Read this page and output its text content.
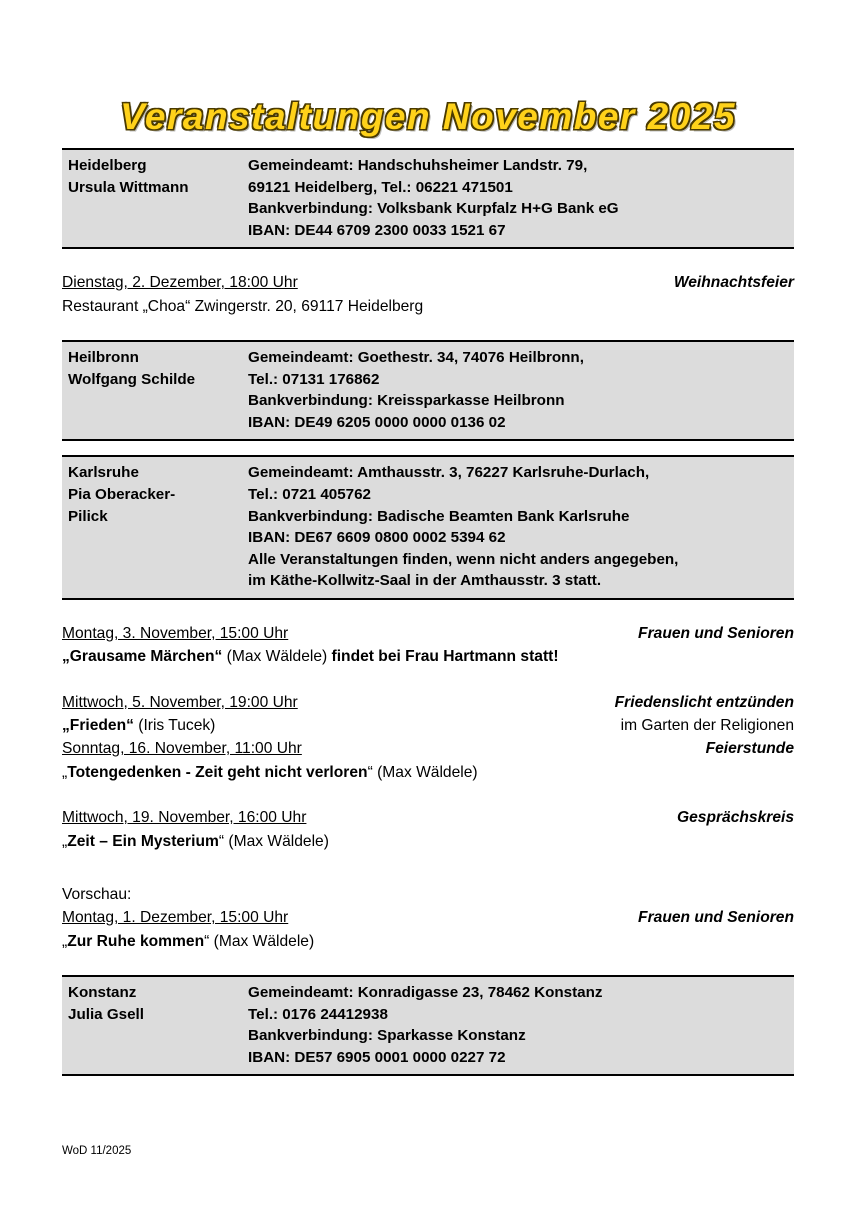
Veranstaltungen November 2025
Heidelberg
Ursula Wittmann
Gemeindeamt: Handschuhsheimer Landstr. 79,
69121 Heidelberg, Tel.: 06221 471501
Bankverbindung: Volksbank Kurpfalz H+G Bank eG
IBAN: DE44 6709 2300 0033 1521 67
Dienstag, 2. Dezember, 18:00 Uhr	Weihnachtsfeier
Restaurant „Choa“ Zwingerstr. 20, 69117 Heidelberg
Heilbronn
Wolfgang Schilde
Gemeindeamt: Goethestr. 34, 74076 Heilbronn,
Tel.: 07131 176862
Bankverbindung: Kreissparkasse Heilbronn
IBAN: DE49 6205 0000 0000 0136 02
Karlsruhe
Pia Oberacker-
Pilick
Gemeindeamt: Amthausstr. 3, 76227 Karlsruhe-Durlach,
Tel.: 0721 405762
Bankverbindung: Badische Beamten Bank Karlsruhe
IBAN: DE67 6609 0800 0002 5394 62
Alle Veranstaltungen finden, wenn nicht anders angegeben,
im Käthe-Kollwitz-Saal in der Amthausstr. 3 statt.
Montag, 3. November, 15:00 Uhr	Frauen und Senioren
„Grausame Märchen“ (Max Wäldele) findet bei Frau Hartmann statt!
Mittwoch, 5. November, 19:00 Uhr	Friedenslicht entzünden
„Frieden“ (Iris Tucek)	im Garten der Religionen
Sonntag, 16. November, 11:00 Uhr	Feierstunde
„Totengedenken - Zeit geht nicht verloren“ (Max Wäldele)
Mittwoch, 19. November, 16:00 Uhr	Gesprächskreis
„Zeit – Ein Mysterium“ (Max Wäldele)
Vorschau:
Montag, 1. Dezember, 15:00 Uhr	Frauen und Senioren
„Zur Ruhe kommen“ (Max Wäldele)
Konstanz
Julia Gsell
Gemeindeamt: Konradigasse 23, 78462 Konstanz
Tel.: 0176 24412938
Bankverbindung: Sparkasse Konstanz
IBAN: DE57 6905 0001 0000 0227 72
WoD 11/2025
